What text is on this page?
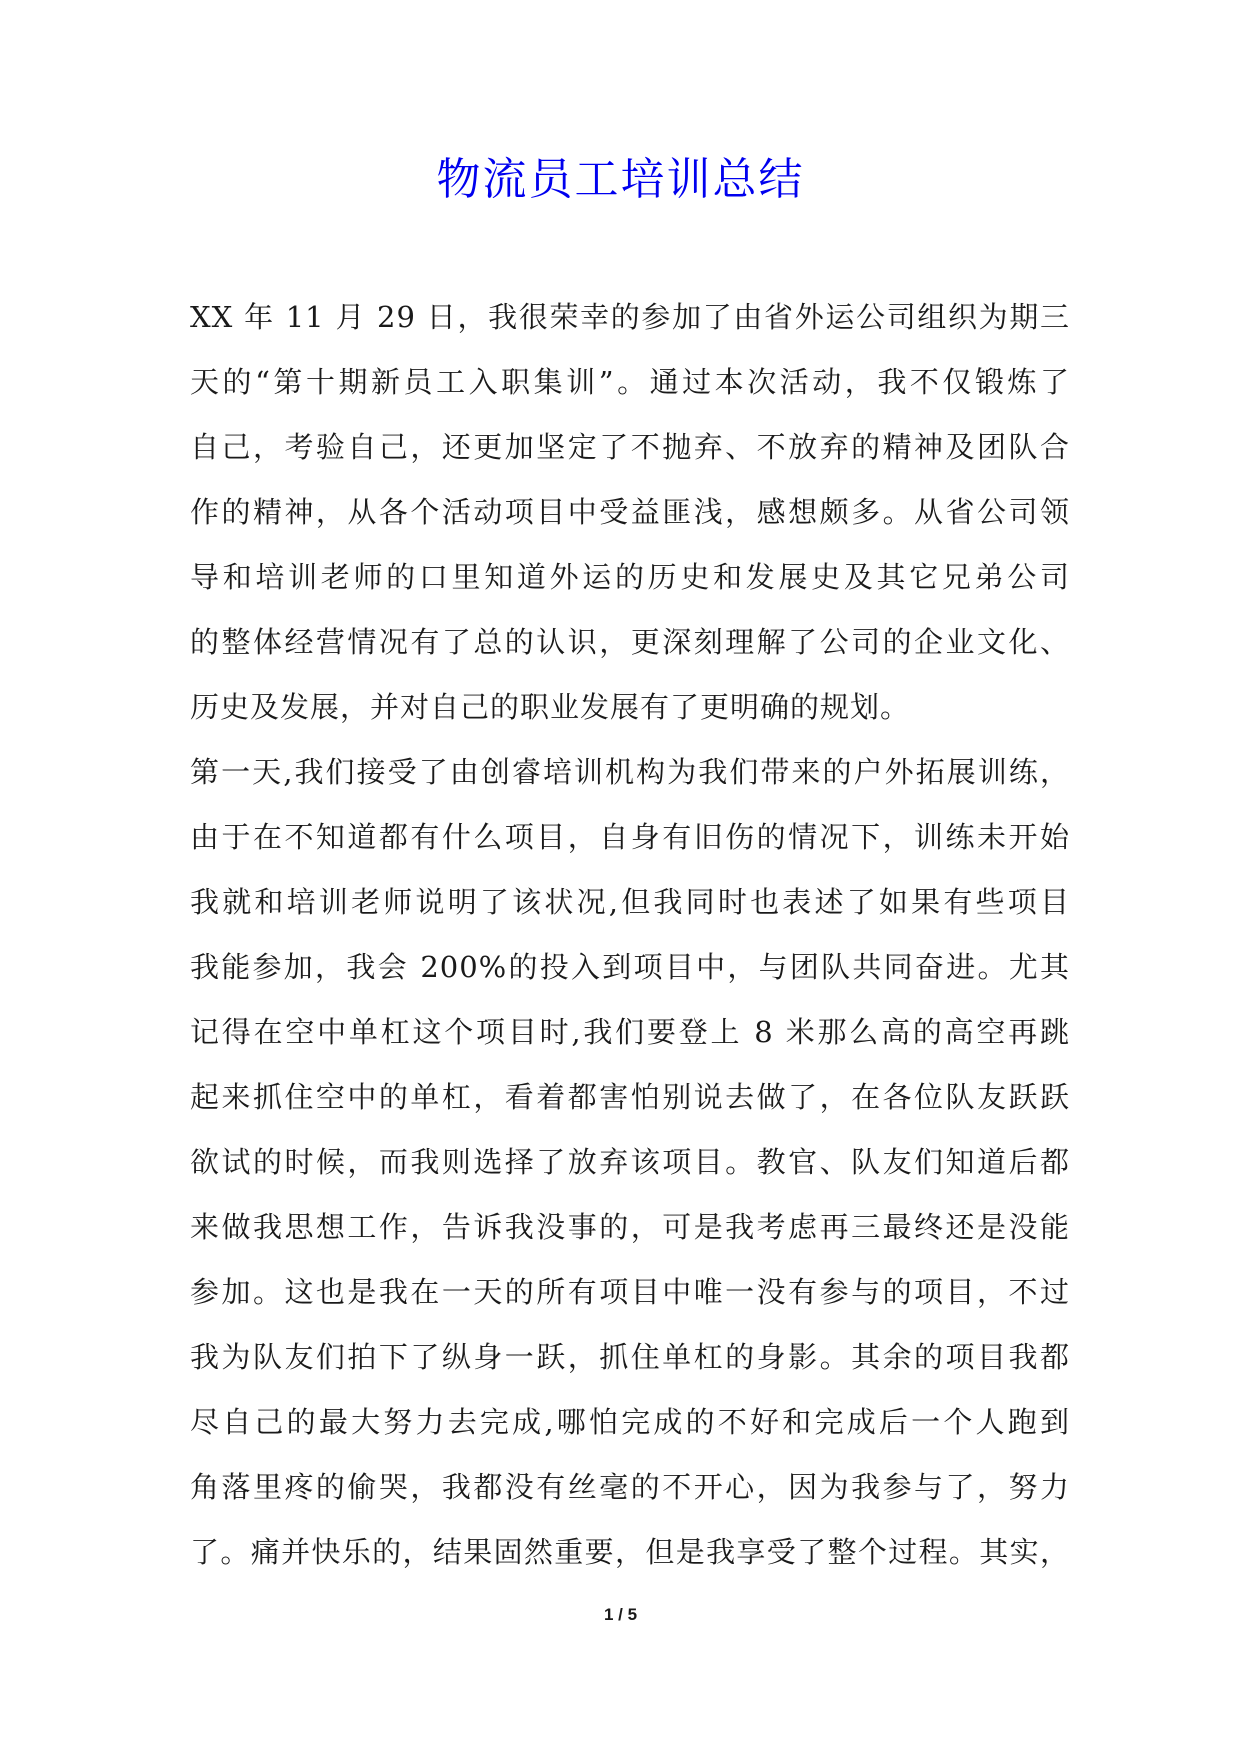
物流员工培训总结
XX 年 11 月 29 日，我很荣幸的参加了由省外运公司组织为期三
天的“第十期新员工入职集训”。通过本次活动，我不仅锻炼了
自己，考验自己，还更加坚定了不抛弃、不放弃的精神及团队合
作的精神，从各个活动项目中受益匪浅，感想颇多。从省公司领
导和培训老师的口里知道外运的历史和发展史及其它兄弟公司
的整体经营情况有了总的认识，更深刻理解了公司的企业文化、
历史及发展，并对自己的职业发展有了更明确的规划。
第一天,我们接受了由创睿培训机构为我们带来的户外拓展训练，
由于在不知道都有什么项目，自身有旧伤的情况下，训练未开始
我就和培训老师说明了该状况,但我同时也表述了如果有些项目
我能参加，我会 200%的投入到项目中，与团队共同奋进。尤其
记得在空中单杠这个项目时,我们要登上 8 米那么高的高空再跳
起来抓住空中的单杠，看着都害怕别说去做了，在各位队友跃跃
欲试的时候，而我则选择了放弃该项目。教官、队友们知道后都
来做我思想工作，告诉我没事的，可是我考虑再三最终还是没能
参加。这也是我在一天的所有项目中唯一没有参与的项目，不过
我为队友们拍下了纵身一跃，抓住单杠的身影。其余的项目我都
尽自己的最大努力去完成,哪怕完成的不好和完成后一个人跑到
角落里疼的偷哭，我都没有丝毫的不开心，因为我参与了，努力
了。痛并快乐的，结果固然重要，但是我享受了整个过程。其实，
1 / 5
